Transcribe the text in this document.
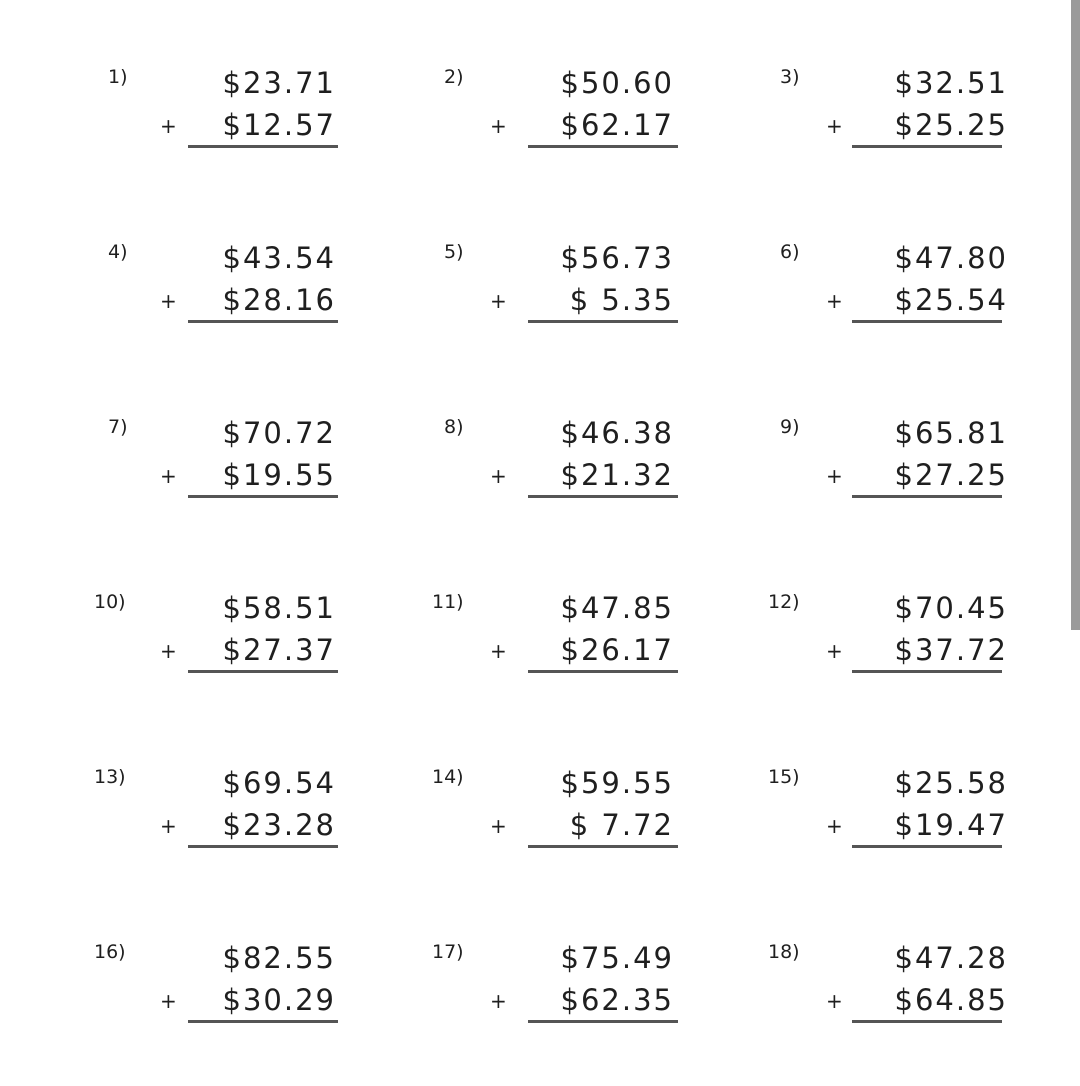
1)	$23.71
+	$12.57
2)	$50.60
+	$62.17
3)	$32.51
+	$25.25
4)	$43.54
+	$28.16
5)	$56.73
+	$ 5.35
6)	$47.80
+	$25.54
7)	$70.72
+	$19.55
8)	$46.38
+	$21.32
9)	$65.81
+	$27.25
10)	$58.51
+	$27.37
11)	$47.85
+	$26.17
12)	$70.45
+	$37.72
13)	$69.54
+	$23.28
14)	$59.55
+	$ 7.72
15)	$25.58
+	$19.47
16)	$82.55
+	$30.29
17)	$75.49
+	$62.35
18)	$47.28
+	$64.85
